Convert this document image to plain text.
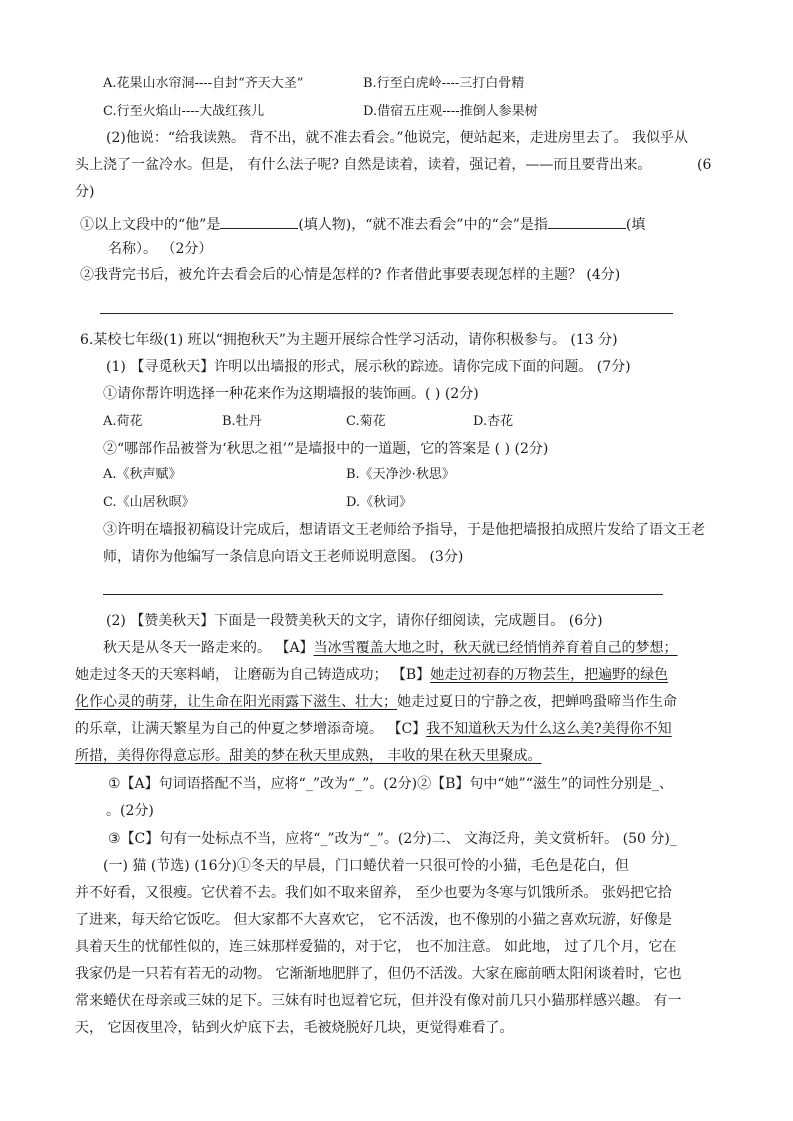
A.花果山水帘洞----自封“齐天大圣”	B.行至白虎岭----三打白骨精
C.行至火焰山----大战红孩儿	D.借宿五庄观----推倒人参果树
(2)他说：“给我读熟。 背不出，就不准去看会。”他说完，便站起来，走进房里去了。 我似乎从
头上浇了一盆冷水。但是， 有什么法子呢? 自然是读着，读着，强记着，——而且要背出来。	(6
分)
①以上文段中的“他”是	(填人物)，“就不准去看会”中的“会”是指	(填
名称）。 （2分）
②我背完书后，被允许去看会后的心情是怎样的? 作者借此事要表现怎样的主题？ (4分)
6.某校七年级(1) 班以“拥抱秋天”为主题开展综合性学习活动，请你积极参与。 (13 分)
(1) 【寻觅秋天】许明以出墙报的形式，展示秋的踪迹。请你完成下面的问题。 (7分)
①请你帮许明选择一种花来作为这期墙报的装饰画。( ) (2分)
A.荷花	B.牡丹	C.菊花	D.杏花
②“哪部作品被誉为‘秋思之祖’”是墙报中的一道题，它的答案是 ( ) (2分)
A.《秋声赋》	B.《天净沙·秋思》
C.《山居秋暝》	D.《秋词》
③许明在墙报初稿设计完成后，想请语文王老师给予指导，于是他把墙报拍成照片发给了语文王老
师，请你为他编写一条信息向语文王老师说明意图。 (3分)
(2) 【赞美秋天】下面是一段赞美秋天的文字，请你仔细阅读，完成题目。 (6分)
秋天是从冬天一路走来的。 【A】当冰雪覆盖大地之时，秋天就已经悄悄养育着自己的梦想；
她走过冬天的天寒料峭， 让磨砺为自己铸造成功； 【B】她走过初春的万物芸生，把遍野的绿色
化作心灵的萌芽，让生命在阳光雨露下滋生、壮大；她走过夏日的宁静之夜，把蝉鸣蛩啼当作生命
的乐章，让满天繁星为自己的仲夏之梦增添奇境。 【C】我不知道秋天为什么这么美?美得你不知
所措，美得你得意忘形。甜美的梦在秋天里成熟， 丰收的果在秋天里聚成。
①【A】句词语搭配不当，应将“_”改为“_”。(2分)②【B】句中“她”“滋生”的词性分别是_、
。(2分)
③【C】句有一处标点不当，应将“_”改为“_”。(2分)二、 文海泛舟，美文赏析轩。 (50 分)_
(一) 猫 (节选) (16分)①冬天的早晨，门口蜷伏着一只很可怜的小猫，毛色是花白，但
并不好看，又很瘦。它伏着不去。我们如不取来留养， 至少也要为冬寒与饥饿所杀。 张妈把它拾
了进来，每天给它饭吃。 但大家都不大喜欢它， 它不活泼，也不像别的小猫之喜欢玩游，好像是
具着天生的忧郁性似的，连三妹那样爱猫的，对于它， 也不加注意。 如此地， 过了几个月，它在
我家仍是一只若有若无的动物。 它渐渐地肥胖了，但仍不活泼。大家在廊前晒太阳闲谈着时，它也
常来蜷伏在母亲或三妹的足下。三妹有时也逗着它玩，但并没有像对前几只小猫那样感兴趣。 有一
天， 它因夜里冷，钻到火炉底下去，毛被烧脱好几块，更觉得难看了。
